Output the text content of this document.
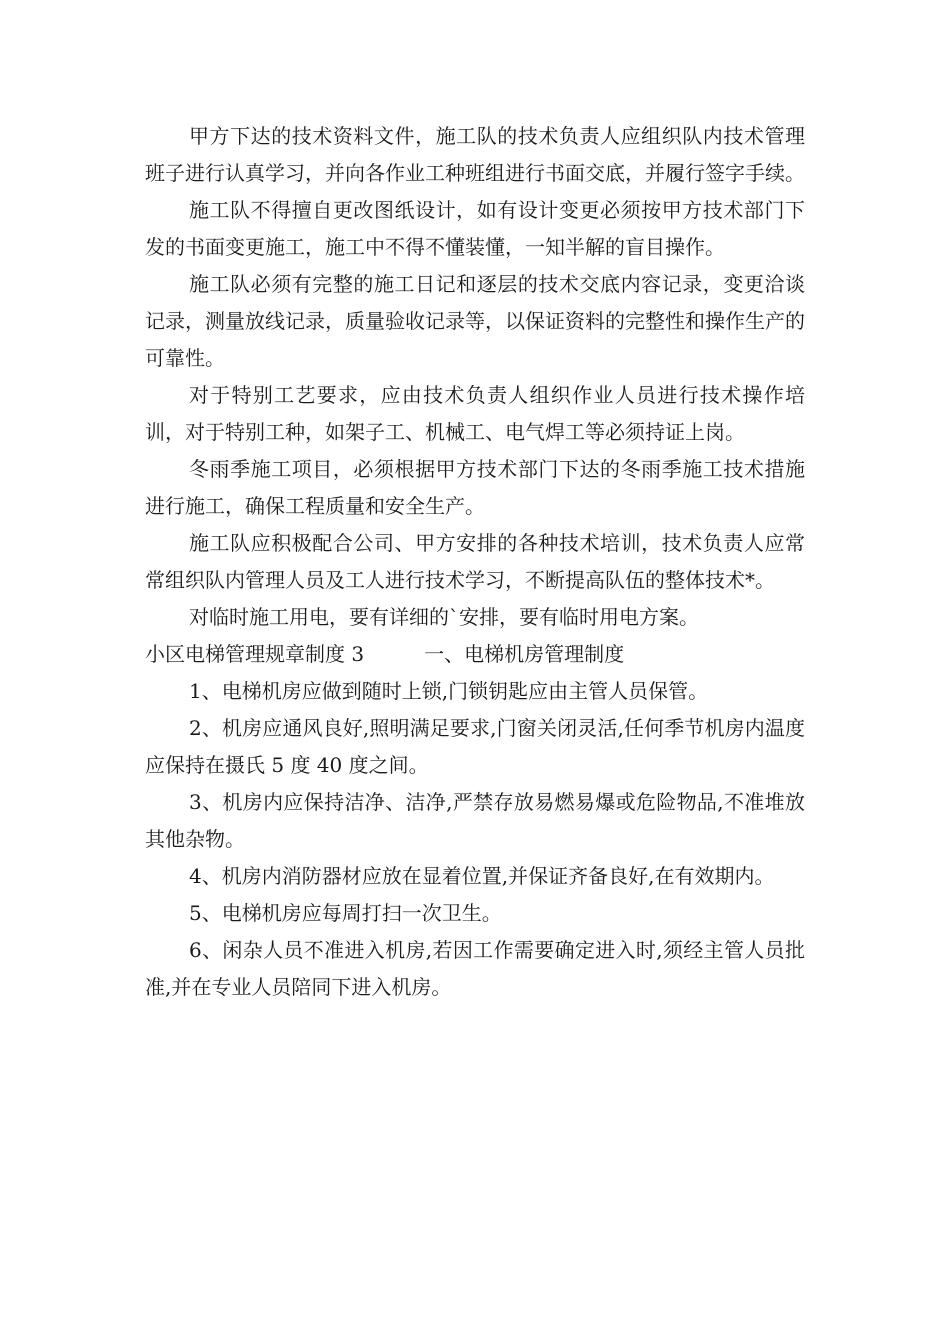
甲方下达的技术资料文件，施工队的技术负责人应组织队内技术管理班子进行认真学习，并向各作业工种班组进行书面交底，并履行签字手续。

施工队不得擅自更改图纸设计，如有设计变更必须按甲方技术部门下发的书面变更施工，施工中不得不懂装懂，一知半解的盲目操作。

施工队必须有完整的施工日记和逐层的技术交底内容记录，变更洽谈记录，测量放线记录，质量验收记录等，以保证资料的完整性和操作生产的可靠性。

对于特别工艺要求，应由技术负责人组织作业人员进行技术操作培训，对于特别工种，如架子工、机械工、电气焊工等必须持证上岗。

冬雨季施工项目，必须根据甲方技术部门下达的冬雨季施工技术措施进行施工，确保工程质量和安全生产。

施工队应积极配合公司、甲方安排的各种技术培训，技术负责人应常常组织队内管理人员及工人进行技术学习，不断提高队伍的整体技术*。

对临时施工用电，要有详细的`安排，要有临时用电方案。

小区电梯管理规章制度 3	一、电梯机房管理制度

1、电梯机房应做到随时上锁,门锁钥匙应由主管人员保管。

2、机房应通风良好,照明满足要求,门窗关闭灵活,任何季节机房内温度应保持在摄氏 5 度 40 度之间。

3、机房内应保持洁净、洁净,严禁存放易燃易爆或危险物品,不准堆放其他杂物。

4、机房内消防器材应放在显着位置,并保证齐备良好,在有效期内。

5、电梯机房应每周打扫一次卫生。

6、闲杂人员不准进入机房,若因工作需要确定进入时,须经主管人员批准,并在专业人员陪同下进入机房。
